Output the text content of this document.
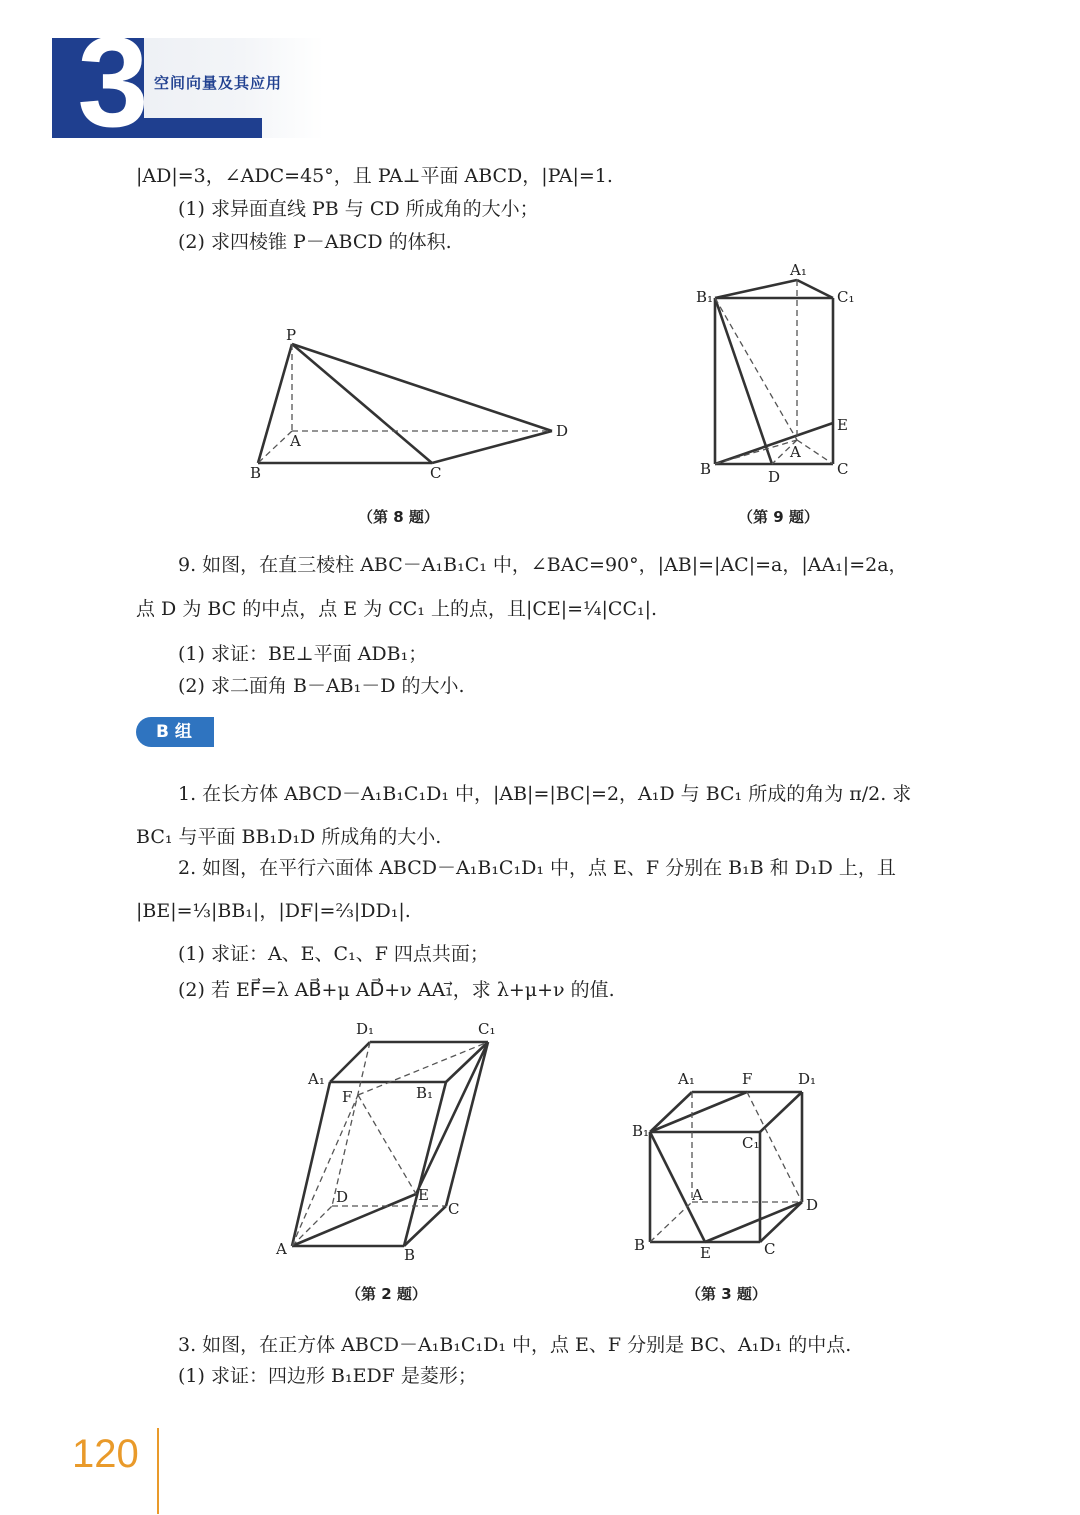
3 空间向量及其应用
|AD|=3，∠ADC=45°，且 PA⊥平面 ABCD，|PA|=1.
(1) 求异面直线 PB 与 CD 所成角的大小；
(2) 求四棱锥 P－ABCD 的体积.
P
A
B	C
D
（第 8 题）
A₁
B₁	C₁
A
B	C
D
E
（第 9 题）
9. 如图，在直三棱柱 ABC－A₁B₁C₁ 中，∠BAC=90°，|AB|=|AC|=a，|AA₁|=2a，
点 D 为 BC 的中点，点 E 为 CC₁ 上的点，且|CE|=¼|CC₁|.
(1) 求证：BE⊥平面 ADB₁；
(2) 求二面角 B－AB₁－D 的大小.
B 组
1. 在长方体 ABCD－A₁B₁C₁D₁ 中，|AB|=|BC|=2，A₁D 与 BC₁ 所成的角为 π/2. 求
BC₁ 与平面 BB₁D₁D 所成角的大小.
2. 如图，在平行六面体 ABCD－A₁B₁C₁D₁ 中，点 E、F 分别在 B₁B 和 D₁D 上，且
|BE|=⅓|BB₁|，|DF|=⅔|DD₁|.
(1) 求证：A、E、C₁、F 四点共面；
(2) 若 EF⃗=λ AB⃗+μ AD⃗+ν AA₁⃗，求 λ+μ+ν 的值.
D₁	C₁
A₁
B₁
F
D	E
C
A	B
（第 2 题）
A₁	F	D₁
B₁
C₁
A
D
B	E	C
（第 3 题）
3. 如图，在正方体 ABCD－A₁B₁C₁D₁ 中，点 E、F 分别是 BC、A₁D₁ 的中点.
(1) 求证：四边形 B₁EDF 是菱形；
120
